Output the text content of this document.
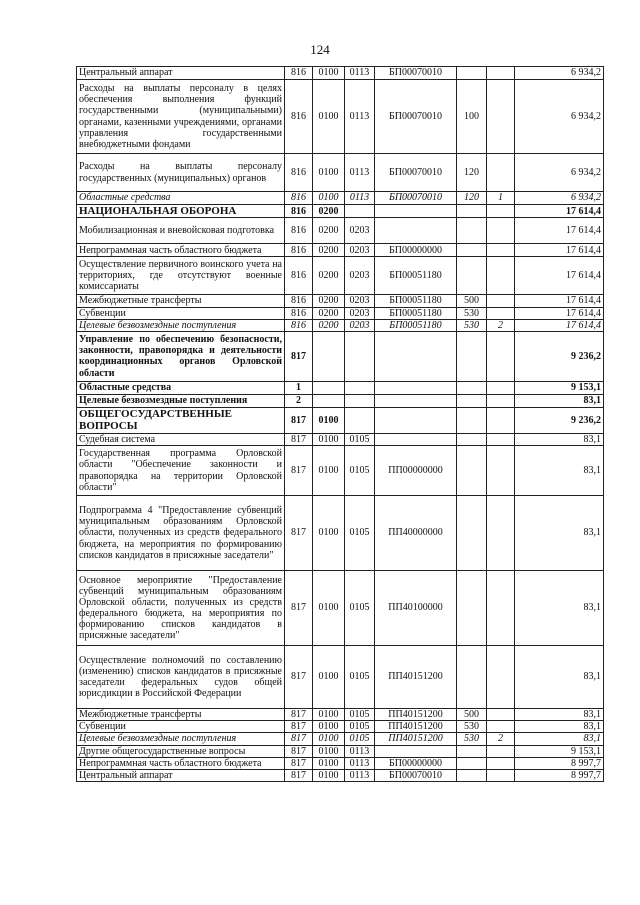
124
Центральный аппарат	816	0100	0113	БП00070010			6 934,2
Расходы на выплаты персоналу в целях обеспечения выполнения функций государственными (муниципальными) органами, казенными учреждениями, органами управления государственными внебюджетными фондами	816	0100	0113	БП00070010	100		6 934,2
Расходы на выплаты персоналу государственных (муниципальных) органов	816	0100	0113	БП00070010	120		6 934,2
Областные средства	816	0100	0113	БП00070010	120	1	6 934,2
НАЦИОНАЛЬНАЯ ОБОРОНА	816	0200					17 614,4
Мобилизационная и вневойсковая подготовка	816	0200	0203				17 614,4
Непрограммная часть областного бюджета	816	0200	0203	БП00000000			17 614,4
Осуществление первичного воинского учета на территориях, где отсутствуют военные комиссариаты	816	0200	0203	БП00051180			17 614,4
Межбюджетные трансферты	816	0200	0203	БП00051180	500		17 614,4
Субвенции	816	0200	0203	БП00051180	530		17 614,4
Целевые безвозмездные поступления	816	0200	0203	БП00051180	530	2	17 614,4
Управление по обеспечению безопасности, законности, правопорядка и деятельности координационных органов Орловской области	817						9 236,2
Областные средства	1						9 153,1
Целевые безвозмездные поступления	2						83,1
ОБЩЕГОСУДАРСТВЕННЫЕ ВОПРОСЫ	817	0100					9 236,2
Судебная система	817	0100	0105				83,1
Государственная программа Орловской области "Обеспечение законности и правопорядка на территории Орловской области"	817	0100	0105	ПП00000000			83,1
Подпрограмма 4 "Предоставление субвенций муниципальным образованиям Орловской области, полученных из средств федерального бюджета, на мероприятия по формированию списков кандидатов в присяжные заседатели"	817	0100	0105	ПП40000000			83,1
Основное мероприятие "Предоставление субвенций муниципальным образованиям Орловской области, полученных из средств федерального бюджета, на мероприятия по формированию списков кандидатов в присяжные заседатели"	817	0100	0105	ПП40100000			83,1
Осуществление полномочий по составлению (изменению) списков кандидатов в присяжные заседатели федеральных судов общей юрисдикции в Российской Федерации	817	0100	0105	ПП40151200			83,1
Межбюджетные трансферты	817	0100	0105	ПП40151200	500		83,1
Субвенции	817	0100	0105	ПП40151200	530		83,1
Целевые безвозмездные поступления	817	0100	0105	ПП40151200	530	2	83,1
Другие общегосударственные вопросы	817	0100	0113				9 153,1
Непрограммная часть областного бюджета	817	0100	0113	БП00000000			8 997,7
Центральный аппарат	817	0100	0113	БП00070010			8 997,7
